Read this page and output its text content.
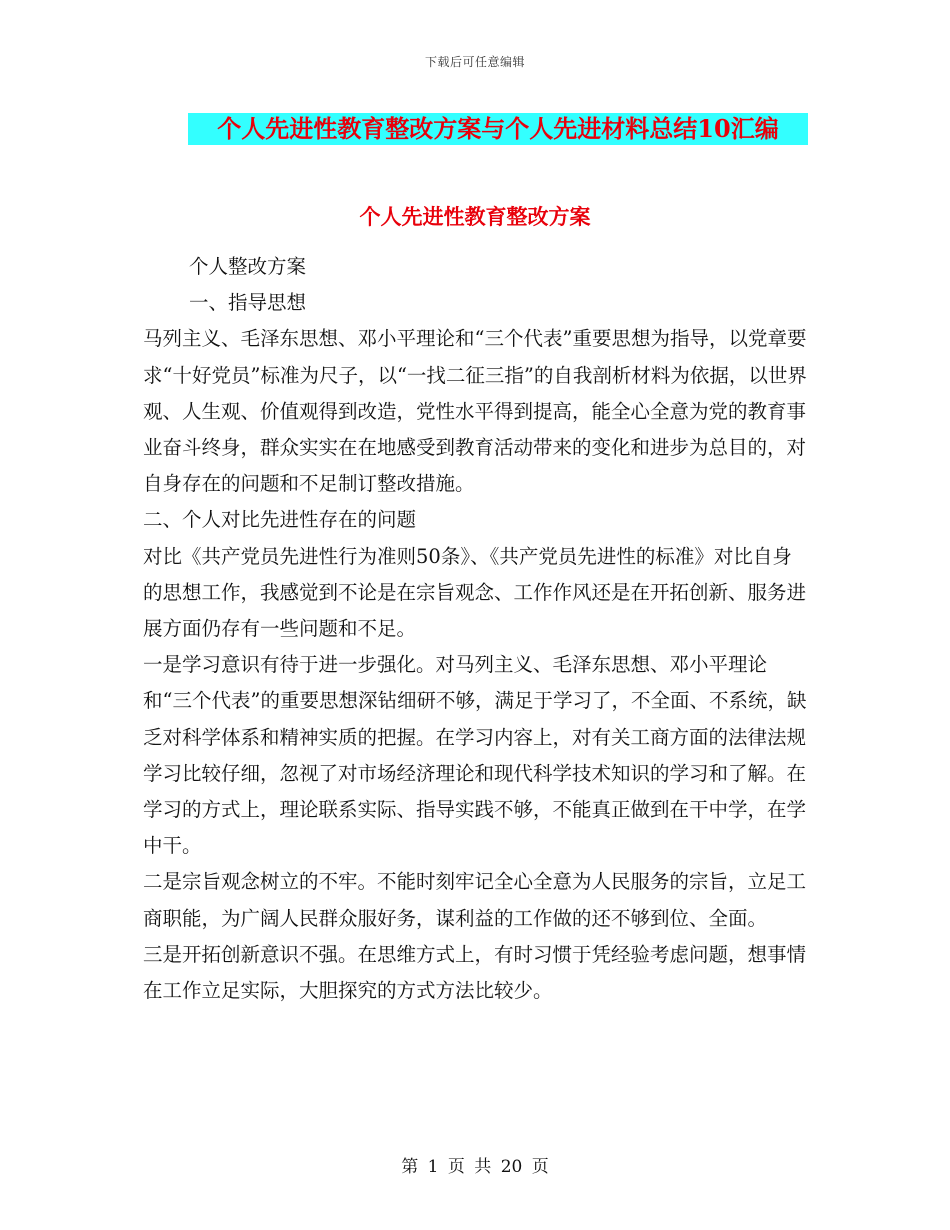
下载后可任意编辑
个人先进性教育整改方案与个人先进材料总结10汇编
个人先进性教育整改方案

个人整改方案

一、指导思想

马列主义、毛泽东思想、邓小平理论和“三个代表”重要思想为指导，以党章要求“十好党员”标准为尺子，以“一找二征三指”的自我剖析材料为依据，以世界观、人生观、价值观得到改造，党性水平得到提高，能全心全意为党的教育事业奋斗终身，群众实实在在地感受到教育活动带来的变化和进步为总目的，对自身存在的问题和不足制订整改措施。

二、个人对比先进性存在的问题

对比《共产党员先进性行为准则50条》、《共产党员先进性的标准》对比自身的思想工作，我感觉到不论是在宗旨观念、工作作风还是在开拓创新、服务进展方面仍存有一些问题和不足。

一是学习意识有待于进一步强化。对马列主义、毛泽东思想、邓小平理论和“三个代表”的重要思想深钻细研不够，满足于学习了，不全面、不系统，缺乏对科学体系和精神实质的把握。在学习内容上，对有关工商方面的法律法规学习比较仔细，忽视了对市场经济理论和现代科学技术知识的学习和了解。在学习的方式上，理论联系实际、指导实践不够，不能真正做到在干中学，在学中干。

二是宗旨观念树立的不牢。不能时刻牢记全心全意为人民服务的宗旨，立足工商职能，为广阔人民群众服好务，谋利益的工作做的还不够到位、全面。

三是开拓创新意识不强。在思维方式上，有时习惯于凭经验考虑问题，想事情在工作立足实际，大胆探究的方式方法比较少。

第 1 页 共 20 页
